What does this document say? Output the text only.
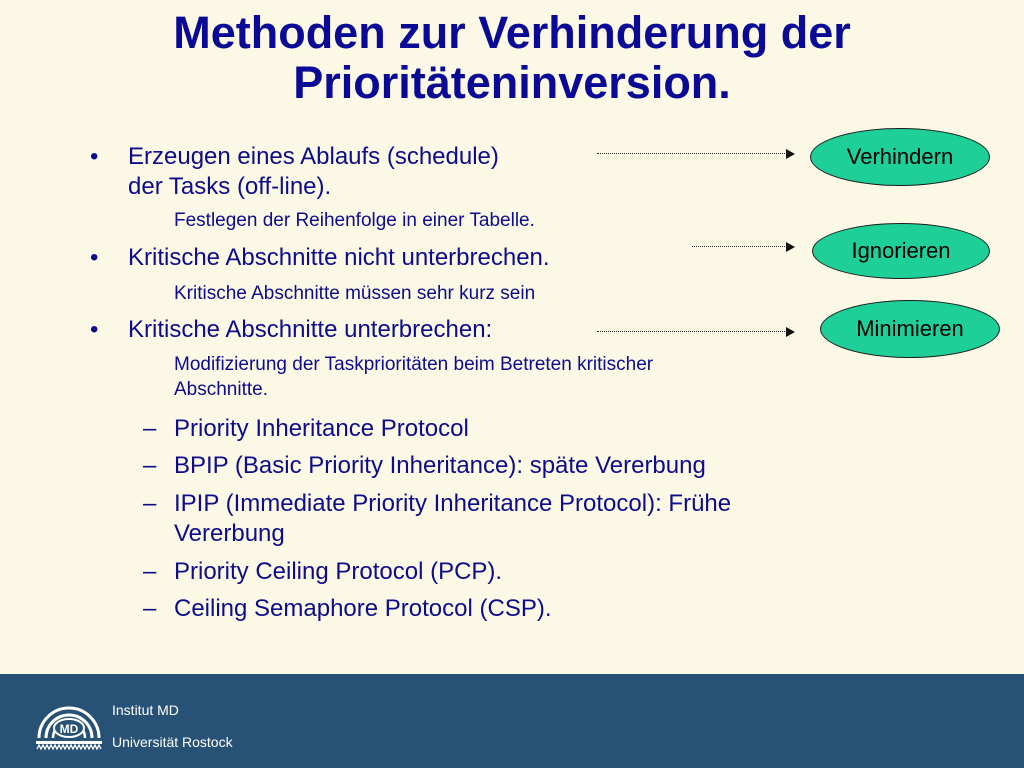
Methoden zur Verhinderung der
Prioritäteninversion.
• Erzeugen eines Ablaufs (schedule)
der Tasks (off-line).
Festlegen der Reihenfolge in einer Tabelle.
• Kritische Abschnitte nicht unterbrechen.
Kritische Abschnitte müssen sehr kurz sein
• Kritische Abschnitte unterbrechen:
Modifizierung der Taskprioritäten beim Betreten kritischer
Abschnitte.
– Priority Inheritance Protocol
– BPIP (Basic Priority Inheritance): späte Vererbung
– IPIP (Immediate Priority Inheritance Protocol): Frühe
Vererbung
– Priority Ceiling Protocol (PCP).
– Ceiling Semaphore Protocol (CSP).
Verhindern
Ignorieren
Minimieren
MD
Institut MD
Universität Rostock
